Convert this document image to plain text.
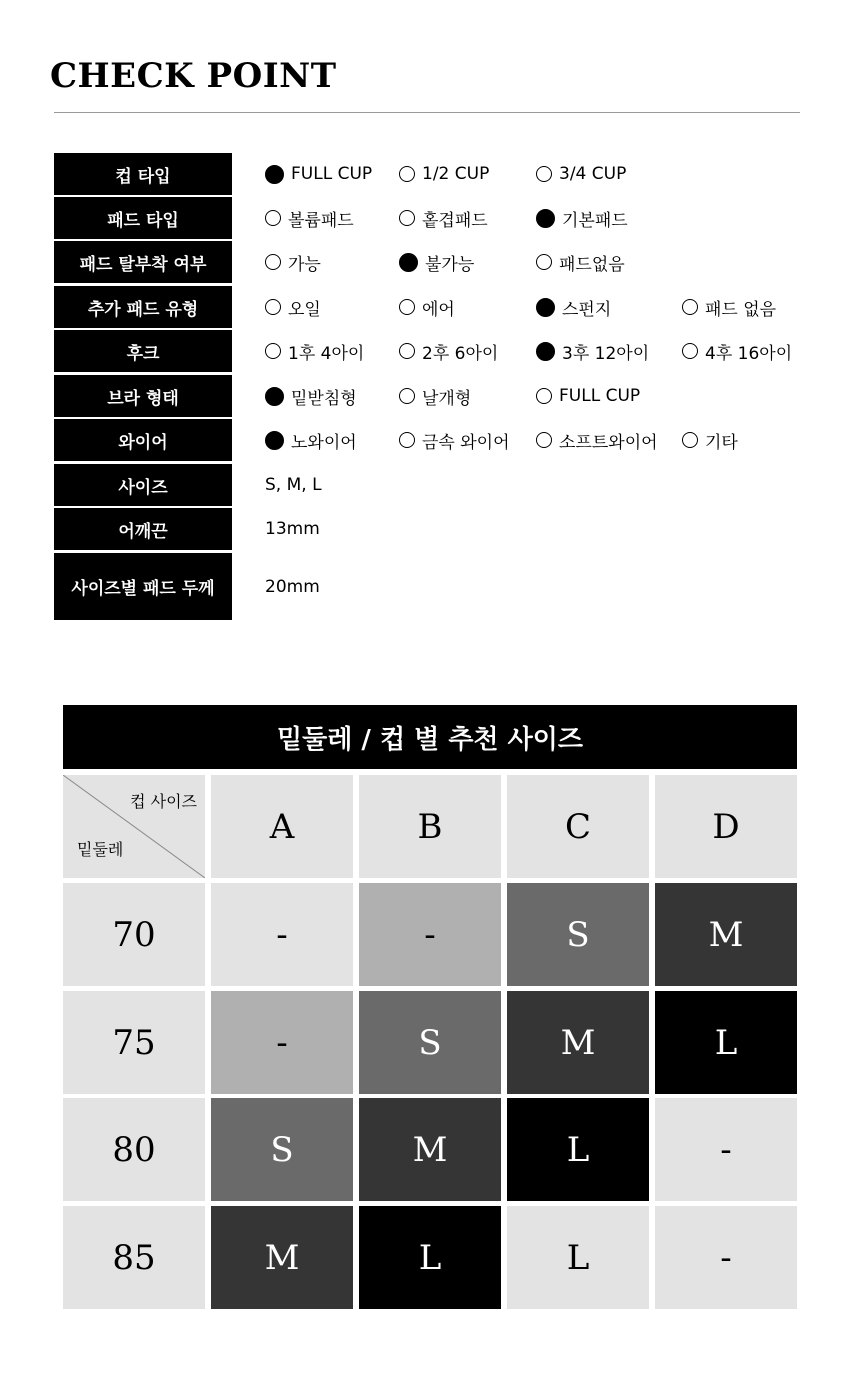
CHECK POINT
컵 타입	FULL CUP	1/2 CUP	3/4 CUP
패드 타입	볼륨패드	홑겹패드	기본패드
패드 탈부착 여부	가능	불가능	패드없음
추가 패드 유형	오일	에어	스펀지	패드 없음
후크	1후 4아이	2후 6아이	3후 12아이	4후 16아이
브라 형태	밑받침형	날개형	FULL CUP
와이어	노와이어	금속 와이어	소프트와이어	기타
사이즈	S, M, L
어깨끈	13mm
사이즈별 패드 두께	20mm
밑둘레 / 컵 별 추천 사이즈
컵 사이즈
밑둘레
A	B	C	D
70	-	-	S	M
75	-	S	M	L
80	S	M	L	-
85	M	L	L	-
